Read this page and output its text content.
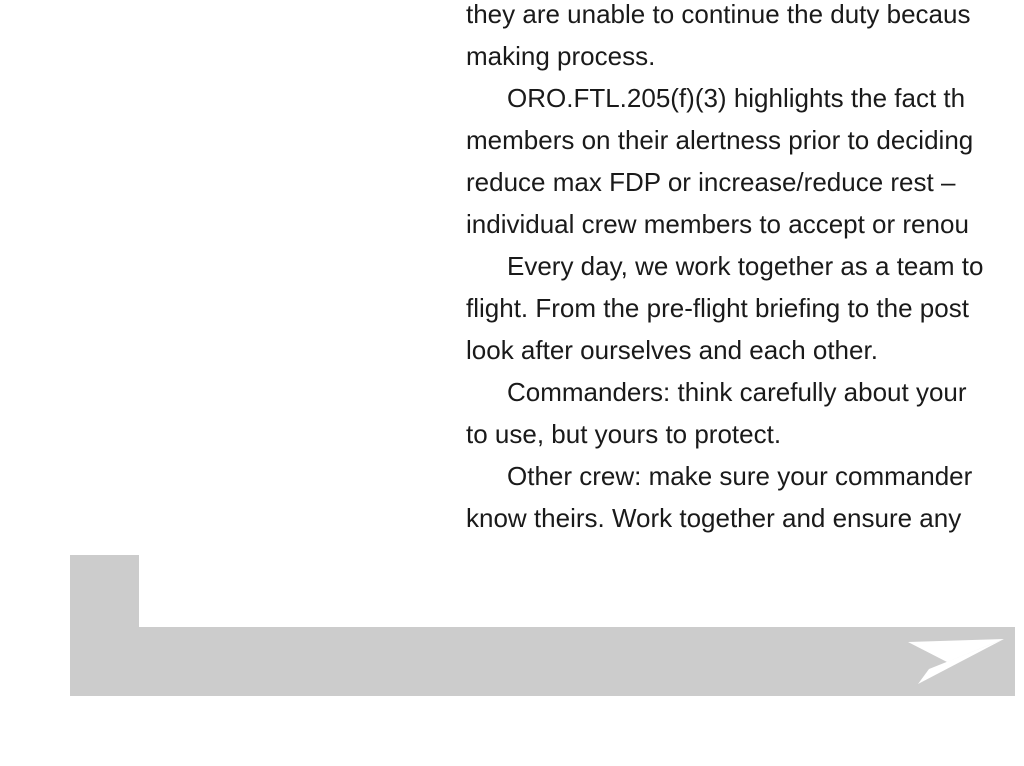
they are unable to continue the duty becaus
making process.
ORO.FTL.205(f)(3) highlights the fact th
members on their alertness prior to deciding
reduce max FDP or increase/reduce rest –
individual crew members to accept or renou
Every day, we work together as a team to
flight. From the pre-flight briefing to the post
look after ourselves and each other.
Commanders: think carefully about your
to use, but yours to protect.
Other crew: make sure your commander
know theirs. Work together and ensure any
